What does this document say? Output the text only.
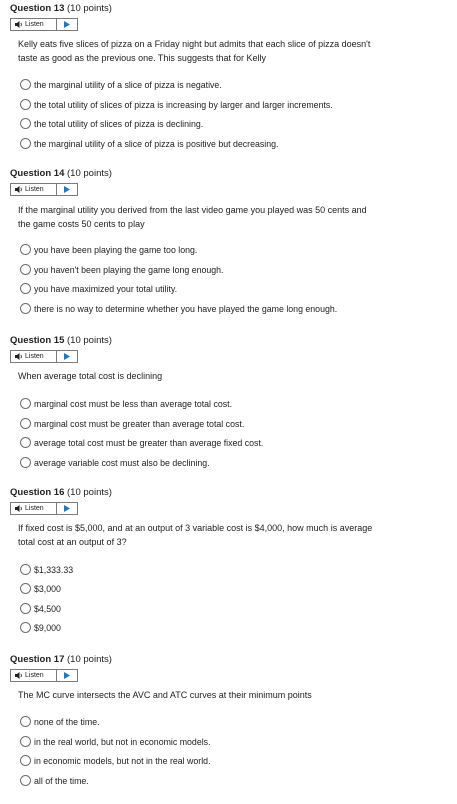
Question 13 (10 points)
Listen
Kelly eats five slices of pizza on a Friday night but admits that each slice of pizza doesn't taste as good as the previous one. This suggests that for Kelly
the marginal utility of a slice of pizza is negative.
the total utility of slices of pizza is increasing by larger and larger increments.
the total utility of slices of pizza is declining.
the marginal utility of a slice of pizza is positive but decreasing.
Question 14 (10 points)
Listen
If the marginal utility you derived from the last video game you played was 50 cents and the game costs 50 cents to play
you have been playing the game too long.
you haven't been playing the game long enough.
you have maximized your total utility.
there is no way to determine whether you have played the game long enough.
Question 15 (10 points)
Listen
When average total cost is declining
marginal cost must be less than average total cost.
marginal cost must be greater than average total cost.
average total cost must be greater than average fixed cost.
average variable cost must also be declining.
Question 16 (10 points)
Listen
If fixed cost is $5,000, and at an output of 3 variable cost is $4,000, how much is average total cost at an output of 3?
$1,333.33
$3,000
$4,500
$9,000
Question 17 (10 points)
Listen
The MC curve intersects the AVC and ATC curves at their minimum points
none of the time.
in the real world, but not in economic models.
in economic models, but not in the real world.
all of the time.
